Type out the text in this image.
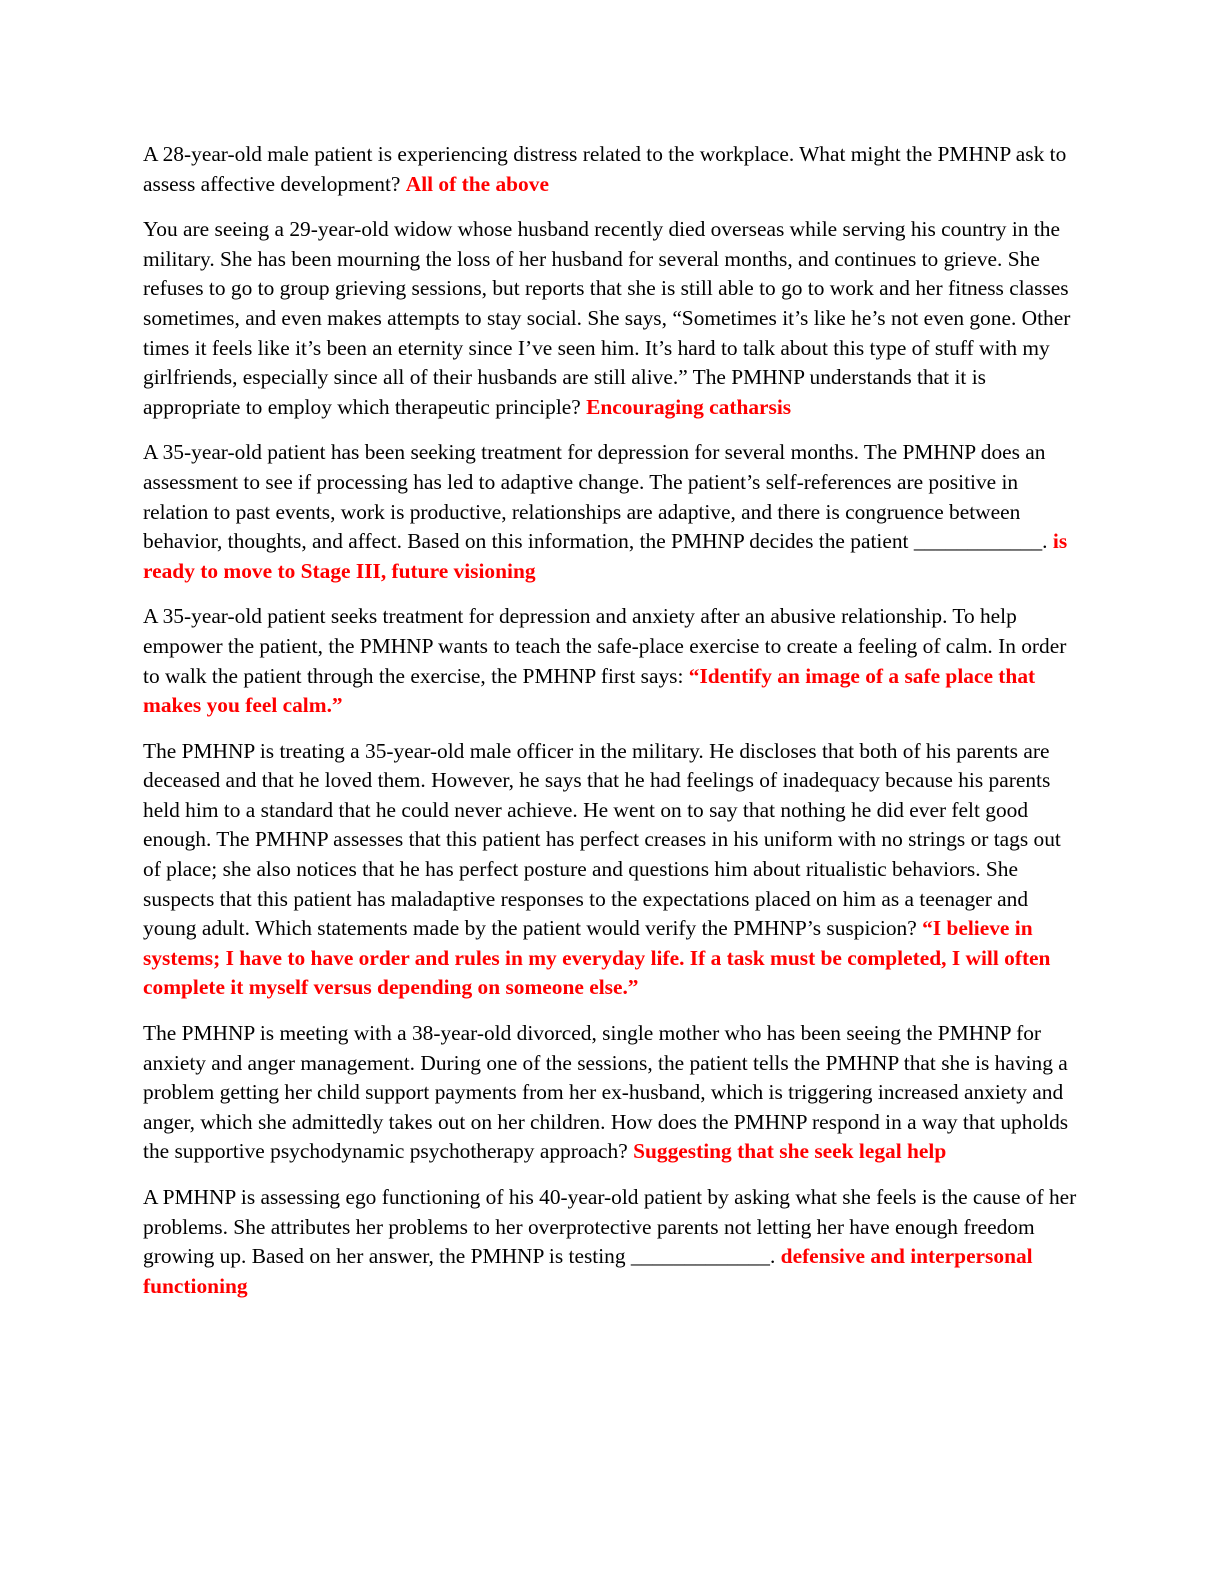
A 28-year-old male patient is experiencing distress related to the workplace. What might the PMHNP ask to assess affective development? All of the above

You are seeing a 29-year-old widow whose husband recently died overseas while serving his country in the military. She has been mourning the loss of her husband for several months, and continues to grieve. She refuses to go to group grieving sessions, but reports that she is still able to go to work and her fitness classes sometimes, and even makes attempts to stay social. She says, “Sometimes it’s like he’s not even gone. Other times it feels like it’s been an eternity since I’ve seen him. It’s hard to talk about this type of stuff with my girlfriends, especially since all of their husbands are still alive.” The PMHNP understands that it is appropriate to employ which therapeutic principle? Encouraging catharsis

A 35-year-old patient has been seeking treatment for depression for several months. The PMHNP does an assessment to see if processing has led to adaptive change. The patient’s self-references are positive in relation to past events, work is productive, relationships are adaptive, and there is congruence between behavior, thoughts, and affect. Based on this information, the PMHNP decides the patient ____________. is ready to move to Stage III, future visioning

A 35-year-old patient seeks treatment for depression and anxiety after an abusive relationship. To help empower the patient, the PMHNP wants to teach the safe-place exercise to create a feeling of calm. In order to walk the patient through the exercise, the PMHNP first says: “Identify an image of a safe place that makes you feel calm.”

The PMHNP is treating a 35-year-old male officer in the military. He discloses that both of his parents are deceased and that he loved them. However, he says that he had feelings of inadequacy because his parents held him to a standard that he could never achieve. He went on to say that nothing he did ever felt good enough. The PMHNP assesses that this patient has perfect creases in his uniform with no strings or tags out of place; she also notices that he has perfect posture and questions him about ritualistic behaviors. She suspects that this patient has maladaptive responses to the expectations placed on him as a teenager and young adult. Which statements made by the patient would verify the PMHNP’s suspicion? “I believe in systems; I have to have order and rules in my everyday life. If a task must be completed, I will often complete it myself versus depending on someone else.”

The PMHNP is meeting with a 38-year-old divorced, single mother who has been seeing the PMHNP for anxiety and anger management. During one of the sessions, the patient tells the PMHNP that she is having a problem getting her child support payments from her ex-husband, which is triggering increased anxiety and anger, which she admittedly takes out on her children. How does the PMHNP respond in a way that upholds the supportive psychodynamic psychotherapy approach? Suggesting that she seek legal help

A PMHNP is assessing ego functioning of his 40-year-old patient by asking what she feels is the cause of her problems. She attributes her problems to her overprotective parents not letting her have enough freedom growing up. Based on her answer, the PMHNP is testing _____________. defensive and interpersonal functioning
